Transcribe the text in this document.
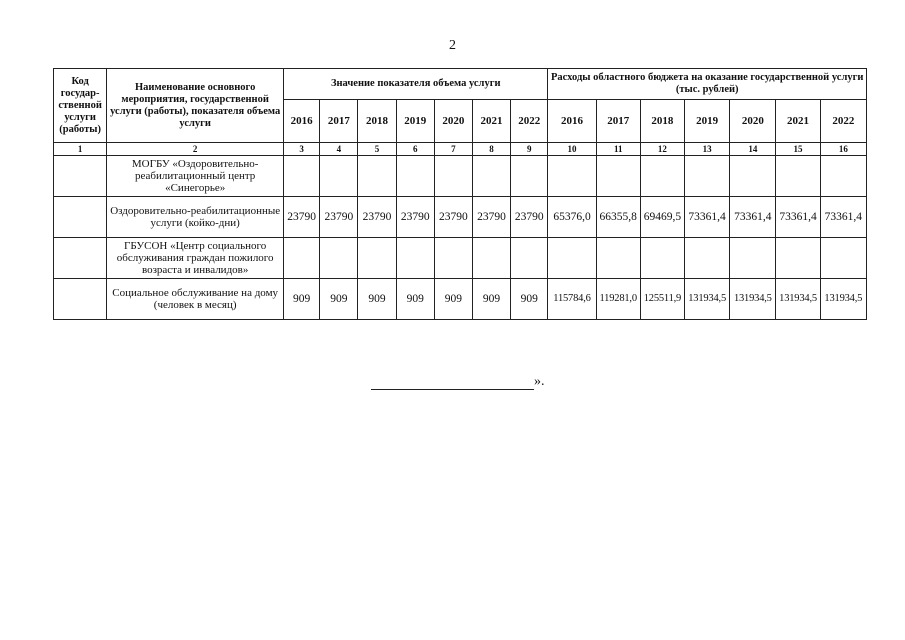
2
Код государ-ственной услуги (работы)	Наименование основного мероприятия, государственной услуги (работы), показателя объема услуги	Значение показателя объема услуги							Расходы областного бюджета на оказание государственной услуги (тыс. рублей)						
		2016	2017	2018	2019	2020	2021	2022	2016	2017	2018	2019	2020	2021	2022
1	2	3	4	5	6	7	8	9	10	11	12	13	14	15	16
	МОГБУ «Оздоровительно-реабилитационный центр «Синегорье»														
	Оздоровительно-реабилитационные услуги (койко-дни)	23790	23790	23790	23790	23790	23790	23790	65376,0	66355,8	69469,5	73361,4	73361,4	73361,4	73361,4
	ГБУСОН «Центр социального обслуживания граждан пожилого возраста и инвалидов»														
	Социальное обслуживание на дому (человек в месяц)	909	909	909	909	909	909	909	115784,6	119281,0	125511,9	131934,5	131934,5	131934,5	131934,5
».
